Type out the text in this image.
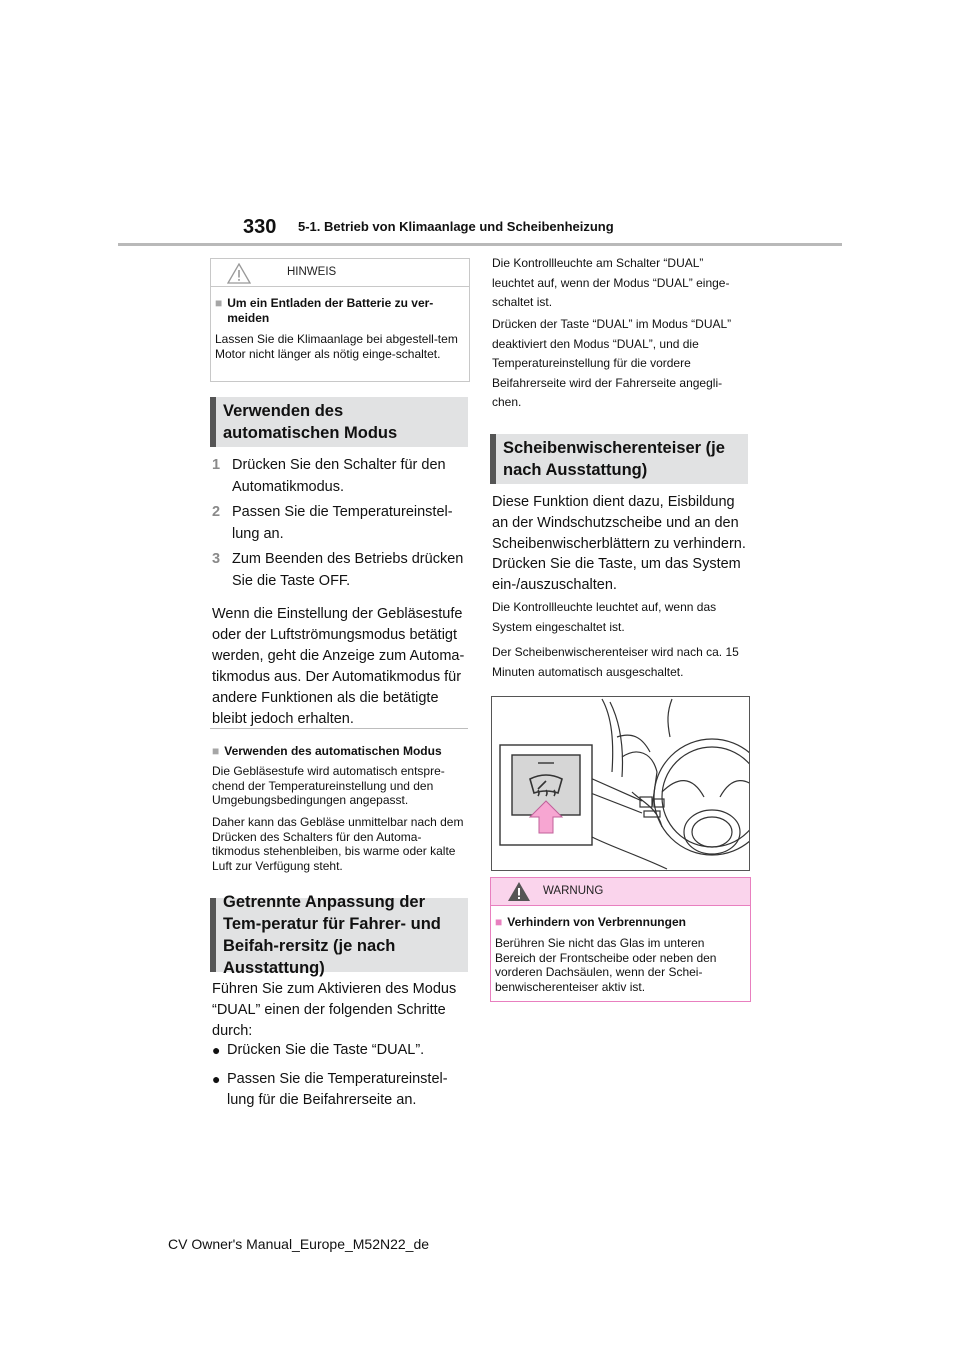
330 5-1. Betrieb von Klimaanlage und Scheibenheizung
HINWEIS
■ Um ein Entladen der Batterie zu ver-meiden
Lassen Sie die Klimaanlage bei abgestell-tem Motor nicht länger als nötig einge-schaltet.
Verwenden des automatischen Modus
1 Drücken Sie den Schalter für den Automatikmodus.
2 Passen Sie die Temperatureinstel-lung an.
3 Zum Beenden des Betriebs drücken Sie die Taste OFF.
Wenn die Einstellung der Gebläsestufe oder der Luftströmungsmodus betätigt werden, geht die Anzeige zum Automa-tikmodus aus. Der Automatikmodus für andere Funktionen als die betätigte bleibt jedoch erhalten.
■ Verwenden des automatischen Modus
Die Gebläsestufe wird automatisch entspre-chend der Temperatureinstellung und den Umgebungsbedingungen angepasst.
Daher kann das Gebläse unmittelbar nach dem Drücken des Schalters für den Automa-tikmodus stehenbleiben, bis warme oder kalte Luft zur Verfügung steht.
Getrennte Anpassung der Tem-peratur für Fahrer- und Beifah-rersitz (je nach Ausstattung)
Führen Sie zum Aktivieren des Modus “DUAL” einen der folgenden Schritte durch:
● Drücken Sie die Taste “DUAL”.
● Passen Sie die Temperatureinstel-lung für die Beifahrerseite an.
Die Kontrollleuchte am Schalter “DUAL” leuchtet auf, wenn der Modus “DUAL” einge-schaltet ist.
Drücken der Taste “DUAL” im Modus “DUAL” deaktiviert den Modus “DUAL”, und die Temperatureinstellung für die vordere Beifahrerseite wird der Fahrerseite angegli-chen.
Scheibenwischerenteiser (je nach Ausstattung)
Diese Funktion dient dazu, Eisbildung an der Windschutzscheibe und an den Scheibenwischerblättern zu verhindern.
Drücken Sie die Taste, um das System ein-/auszuschalten.
Die Kontrollleuchte leuchtet auf, wenn das System eingeschaltet ist.
Der Scheibenwischerenteiser wird nach ca. 15 Minuten automatisch ausgeschaltet.
WARNUNG
■ Verhindern von Verbrennungen
Berühren Sie nicht das Glas im unteren Bereich der Frontscheibe oder neben den vorderen Dachsäulen, wenn der Schei-benwischerenteiser aktiv ist.
CV Owner's Manual_Europe_M52N22_de
